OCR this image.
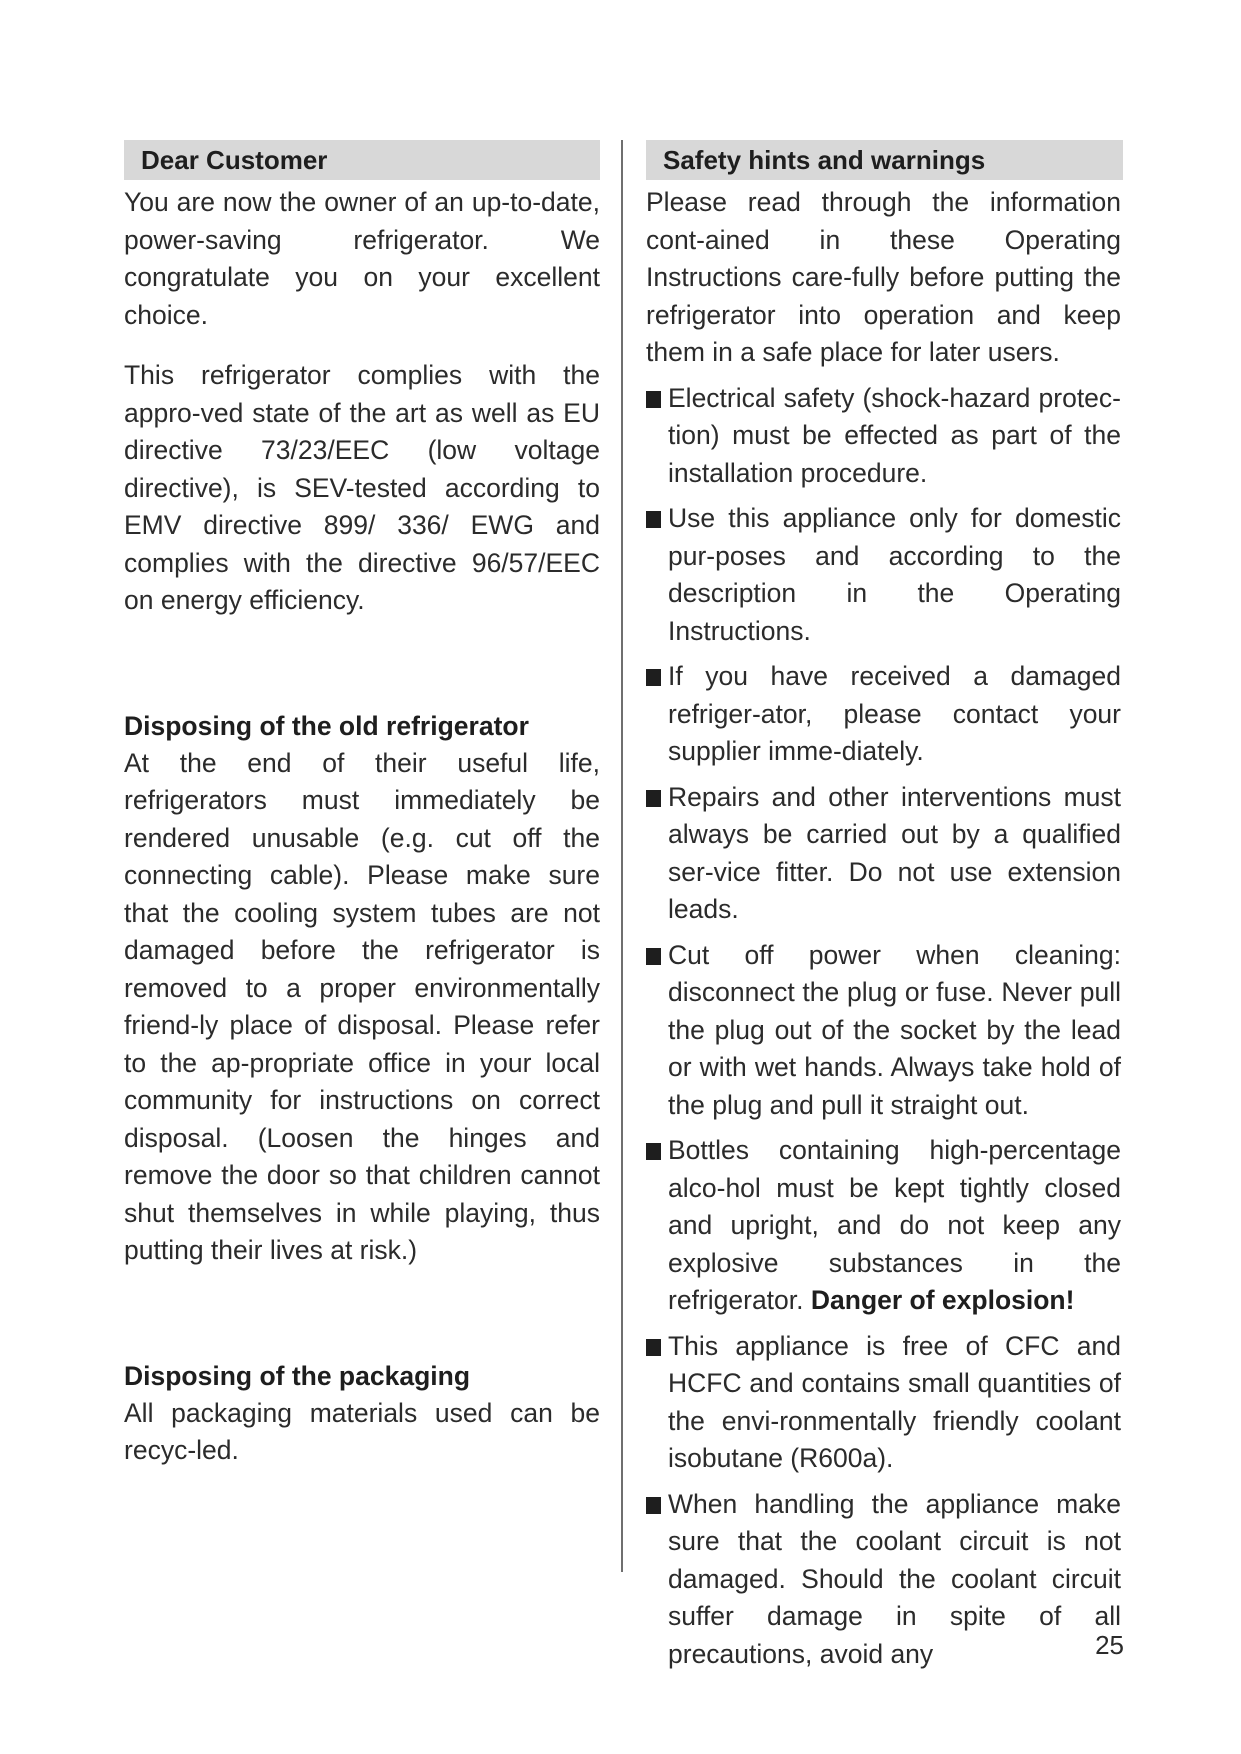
Dear Customer

You are now the owner of an up-to-date, power-saving refrigerator. We congratulate you on your excellent choice.

This refrigerator complies with the appro-ved state of the art as well as EU directive 73/23/EEC (low voltage directive), is SEV-tested according to EMV directive 899/ 336/ EWG and complies with the directive 96/57/EEC on energy efficiency.

Disposing of the old refrigerator

At the end of their useful life, refrigerators must immediately be rendered unusable (e.g. cut off the connecting cable). Please make sure that the cooling system tubes are not damaged before the refrigerator is removed to a proper environmentally friend-ly place of disposal. Please refer to the ap-propriate office in your local community for instructions on correct disposal. (Loosen the hinges and remove the door so that children cannot shut themselves in while playing, thus putting their lives at risk.)

Disposing of the packaging

All packaging materials used can be recyc-led.

Safety hints and warnings

Please read through the information cont-ained in these Operating Instructions care-fully before putting the refrigerator into operation and keep them in a safe place for later users.

Electrical safety (shock-hazard protec-tion) must be effected as part of the installation procedure.
Use this appliance only for domestic pur-poses and according to the description in the Operating Instructions.
If you have received a damaged refriger-ator, please contact your supplier imme-diately.
Repairs and other interventions must always be carried out by a qualified ser-vice fitter. Do not use extension leads.
Cut off power when cleaning: disconnect the plug or fuse. Never pull the plug out of the socket by the lead or with wet hands. Always take hold of the plug and pull it straight out.
Bottles containing high-percentage alco-hol must be kept tightly closed and upright, and do not keep any explosive substances in the refrigerator. Danger of explosion!
This appliance is free of CFC and HCFC and contains small quantities of the envi-ronmentally friendly coolant isobutane (R600a).
When handling the appliance make sure that the coolant circuit is not damaged. Should the coolant circuit suffer damage in spite of all precautions, avoid any	25
